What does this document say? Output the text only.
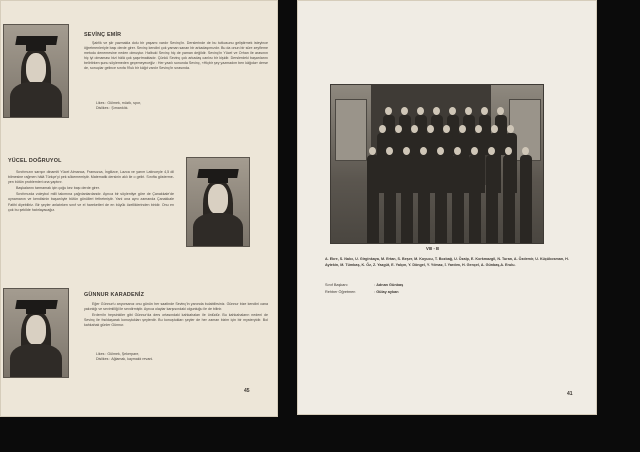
SEVİNÇ EMİR

Şairlik ve şiir yazmakla dolu bir yaşamı vardır Sevinç'in. Derslerinde de bu tutkusunu geliştirmek isteyince öğretmenleriyle başı derde girer. Sevinç kendini çok yaman sanan bir arkadaşımızdır. Bu da onun bir süre zeyfleme metodu denemesine neden olmuştur. Halbuki Sevinç hiç de yaman değildir. Sevinç'in Yücel ve Orhan ile arasının hiç iyi olmaması bizi hâlâ çok şaşırtmaktadır. Çünkü Sevinç çok arkadaş canlısı bir kişidir. Derslerdeki başarılarını belirtirken şunu söylemeden geçemeyeceğiz : Her yazılı sonunda Sevinç, «Hiçbir şey yazmadım ben kâğıda» derse de, sonuçlar gelince sınıfa 9'luk bir kâğıt vardır Sevinç'in sırasında.

Likes : Gülmek, müzik, spor,
Dislikes : Şımarıklık.
YÜCEL DOĞRUYOL

Sınıfımızın sarışın dinamiti Yücel Almanca, Fransızca, İngilizce, Lazca ve yarım Latinceyle 4,5 dil bilmesine rağmen hâlâ Türkçe'yi pek sökememiştir. Matematik dersinin aklı ile o geliri. Sınıfta göstermeyen bütün problemleri ona yaptırır.

Başkalarını tarmamak için çoğu kez başı derde girer.

Sınıfımızda voleybol milli takımına çağrılanlardandır. Ayrıca bir söylentiye göre de Çanakkale'de oynamanın ve kendisinin başarılıyle bütün gönülleri fethetmiştir. Yani ona aynı zamanda Çanakkale Fatihi diyebiliriz. Bir şeyler anlatırken sınıf ve el hareketleri de en büyük özelliklerinden biridir. Onu en çok bu şekilde hatırlayacağız.

GÜNNUR KARADENİZ

Eğer Günnur'u arıyorsanız onu günün her saatinde Sevinç'in yanında bulabilirsiniz. Günnur bize kendini cana yakınlığı ve sevimliliği ile sevdirmiştir. Ayrıca olaylar karşısındaki olgunluğu ile de bilinir.

Erdem'in hepsinkiler gibi Günnur'da ders ortasındaki kahkahaları ile ünlüdür. Bu kahkahaların nedeni de Sevinç ile fısıldaşarak konuştukları şeylerdir. Bu konuştukları şeyler de her zaman bizim için bir mysteryidir. Bol kahkahalı günler Günnur.

Likes : Gülmek, Şekerpare,
Dislikes : Ağlamak, kaymaklı revani.
45	41
VIII - B
A. Ekre, S. Nalcı, U. Girginkaya, M. Ertan, S. Beşer, M. Koyucu, T. Bozbağ, U. Özalp, E. Korkmazgil, N. Turan, A. Özdemir, U. Küçükosman, H. Aytekin, M. Tümbaş, K. Öz, Z. Yazgüt, E. Yalçın, Y. Döngel, Y. Yılmaz, İ. Yardım, H. Gençel, A. Günbaş,A. Erulu.
Sınıf Başkanı	: Adnan Günbaş
Rehber Öğretmen	: Gülay aykan
